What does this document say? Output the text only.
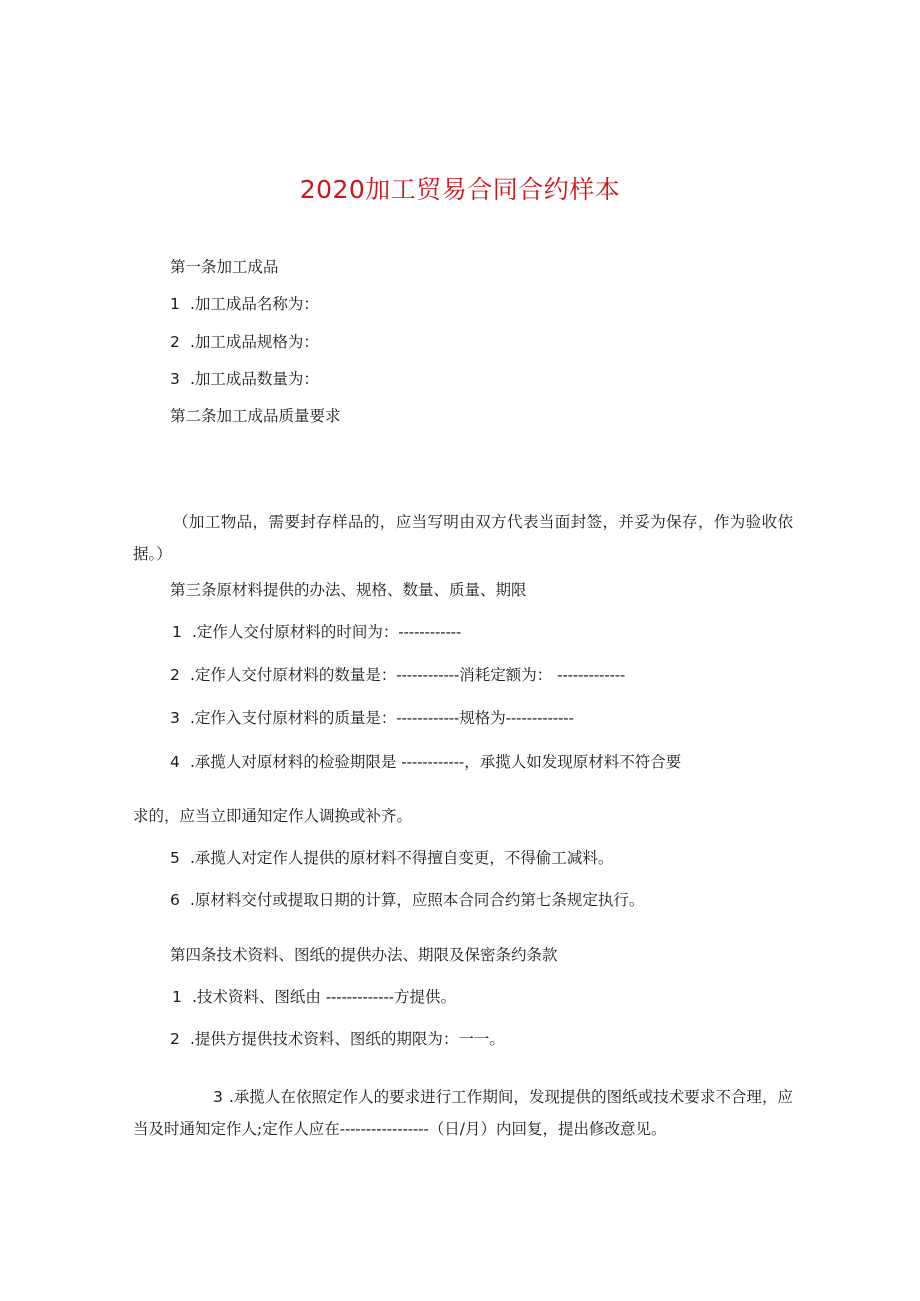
2020加工贸易合同合约样本
第一条加工成品
1 .加工成品名称为：
2 .加工成品规格为：
3 .加工成品数量为：
第二条加工成品质量要求
（加工物品，需要封存样品的，应当写明由双方代表当面封签，并妥为保存，作为验收依据。）
第三条原材料提供的办法、规格、数量、质量、期限
1 .定作人交付原材料的时间为：------------
2 .定作人交付原材料的数量是：------------消耗定额为： -------------
3 .定作入支付原材料的质量是：------------规格为-------------
4 .承揽人对原材料的检验期限是 ------------，承揽人如发现原材料不符合要
求的，应当立即通知定作人调换或补齐。
5 .承揽人对定作人提供的原材料不得擅自变更，不得偷工减料。
6 .原材料交付或提取日期的计算，应照本合同合约第七条规定执行。
第四条技术资料、图纸的提供办法、期限及保密条约条款
1 .技术资料、图纸由 -------------方提供。
2 .提供方提供技术资料、图纸的期限为：一一。
3 .承揽人在依照定作人的要求进行工作期间，发现提供的图纸或技术要求不合理，应当及时通知定作人;定作人应在-----------------（日/月）内回复，提出修改意见。
